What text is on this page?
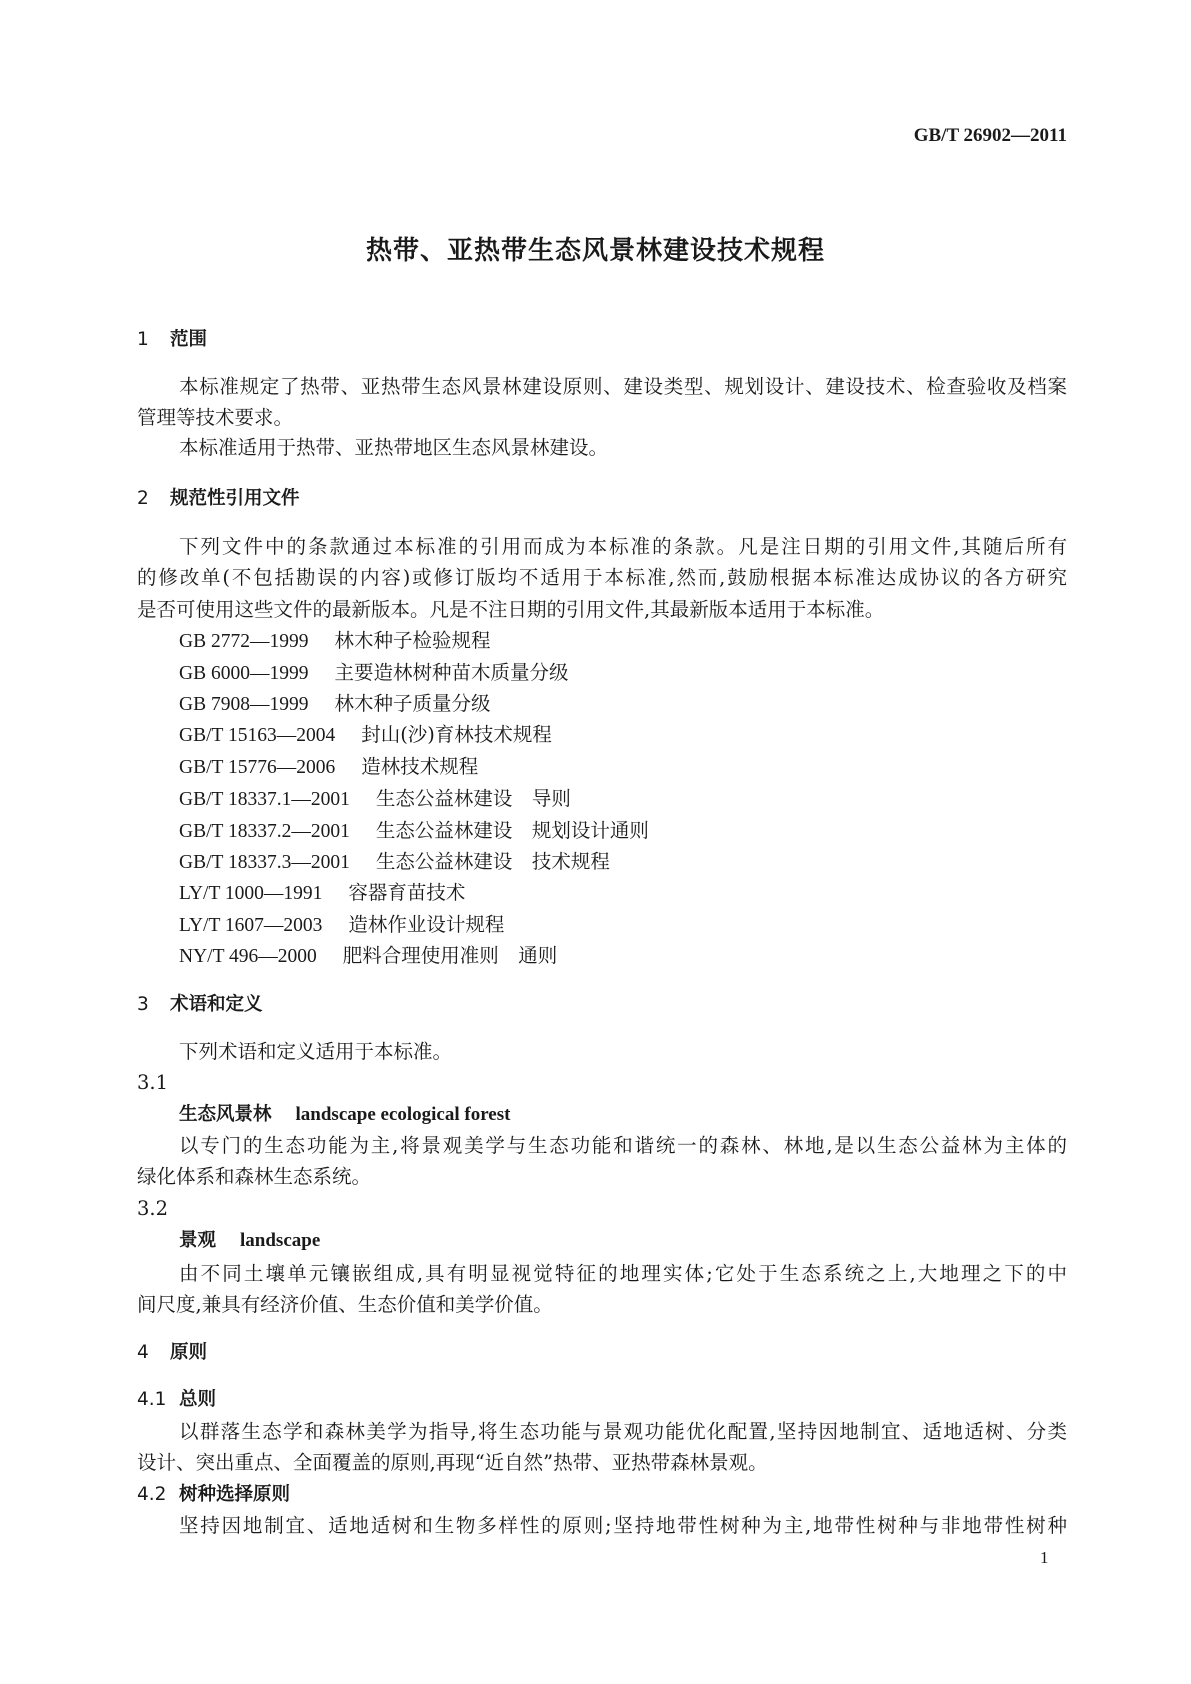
GB/T 26902—2011
热带、亚热带生态风景林建设技术规程
1 范围
本标准规定了热带、亚热带生态风景林建设原则、建设类型、规划设计、建设技术、检查验收及档案
管理等技术要求。
本标准适用于热带、亚热带地区生态风景林建设。
2 规范性引用文件
下列文件中的条款通过本标准的引用而成为本标准的条款。凡是注日期的引用文件,其随后所有
的修改单(不包括勘误的内容)或修订版均不适用于本标准,然而,鼓励根据本标准达成协议的各方研究
是否可使用这些文件的最新版本。凡是不注日期的引用文件,其最新版本适用于本标准。
GB 2772—1999 林木种子检验规程
GB 6000—1999 主要造林树种苗木质量分级
GB 7908—1999 林木种子质量分级
GB/T 15163—2004 封山(沙)育林技术规程
GB/T 15776—2006 造林技术规程
GB/T 18337.1—2001 生态公益林建设　导则
GB/T 18337.2—2001 生态公益林建设　规划设计通则
GB/T 18337.3—2001 生态公益林建设　技术规程
LY/T 1000—1991 容器育苗技术
LY/T 1607—2003 造林作业设计规程
NY/T 496—2000 肥料合理使用准则　通则
3 术语和定义
下列术语和定义适用于本标准。
3.1
生态风景林 landscape ecological forest
以专门的生态功能为主,将景观美学与生态功能和谐统一的森林、林地,是以生态公益林为主体的
绿化体系和森林生态系统。
3.2
景观 landscape
由不同土壤单元镶嵌组成,具有明显视觉特征的地理实体;它处于生态系统之上,大地理之下的中
间尺度,兼具有经济价值、生态价值和美学价值。
4 原则
4.1 总则
以群落生态学和森林美学为指导,将生态功能与景观功能优化配置,坚持因地制宜、适地适树、分类
设计、突出重点、全面覆盖的原则,再现“近自然”热带、亚热带森林景观。
4.2 树种选择原则
坚持因地制宜、适地适树和生物多样性的原则;坚持地带性树种为主,地带性树种与非地带性树种
1
